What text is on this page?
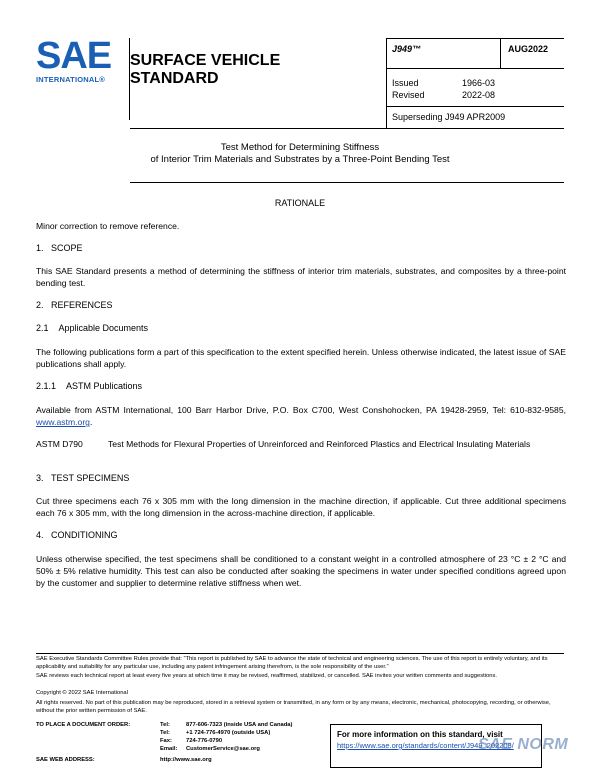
SAE
INTERNATIONAL®
SURFACE VEHICLE
STANDARD
J949™	AUG2022
Issued	1966-03
Revised	2022-08
Superseding J949 APR2009
Test Method for Determining Stiffness
of Interior Trim Materials and Substrates by a Three-Point Bending Test
RATIONALE
Minor correction to remove reference.
1.   SCOPE
This SAE Standard presents a method of determining the stiffness of interior trim materials, substrates, and composites by a three-point bending test.
2.   REFERENCES
2.1    Applicable Documents
The following publications form a part of this specification to the extent specified herein. Unless otherwise indicated, the latest issue of SAE publications shall apply.
2.1.1    ASTM Publications
Available from ASTM International, 100 Barr Harbor Drive, P.O. Box C700, West Conshohocken, PA 19428-2959, Tel: 610-832-9585, www.astm.org.
ASTM D790	Test Methods for Flexural Properties of Unreinforced and Reinforced Plastics and Electrical Insulating Materials
3.   TEST SPECIMENS
Cut three specimens each 76 x 305 mm with the long dimension in the machine direction, if applicable. Cut three additional specimens each 76 x 305 mm, with the long dimension in the across-machine direction, if applicable.
4.   CONDITIONING
Unless otherwise specified, the test specimens shall be conditioned to a constant weight in a controlled atmosphere of 23 °C ± 2 °C and 50% ± 5% relative humidity. This test can also be conducted after soaking the specimens in water under specified conditions agreed upon by the customer and supplier to determine relative stiffness when wet.
SAE Executive Standards Committee Rules provide that: “This report is published by SAE to advance the state of technical and engineering sciences. The use of this report is entirely voluntary, and its applicability and suitability for any particular use, including any patent infringement arising therefrom, is the sole responsibility of the user.”
SAE reviews each technical report at least every five years at which time it may be revised, reaffirmed, stabilized, or cancelled. SAE invites your written comments and suggestions.
Copyright © 2022 SAE International
All rights reserved. No part of this publication may be reproduced, stored in a retrieval system or transmitted, in any form or by any means, electronic, mechanical, photocopying, recording, or otherwise, without the prior written permission of SAE.
TO PLACE A DOCUMENT ORDER:	Tel:	877-606-7323 (inside USA and Canada)
Tel:	+1 724-776-4970 (outside USA)
Fax: 724-776-0790
Email: CustomerService@sae.org
SAE WEB ADDRESS:	http://www.sae.org
For more information on this standard, visit
https://www.sae.org/standards/content/J949_202208/
SAE NORM
